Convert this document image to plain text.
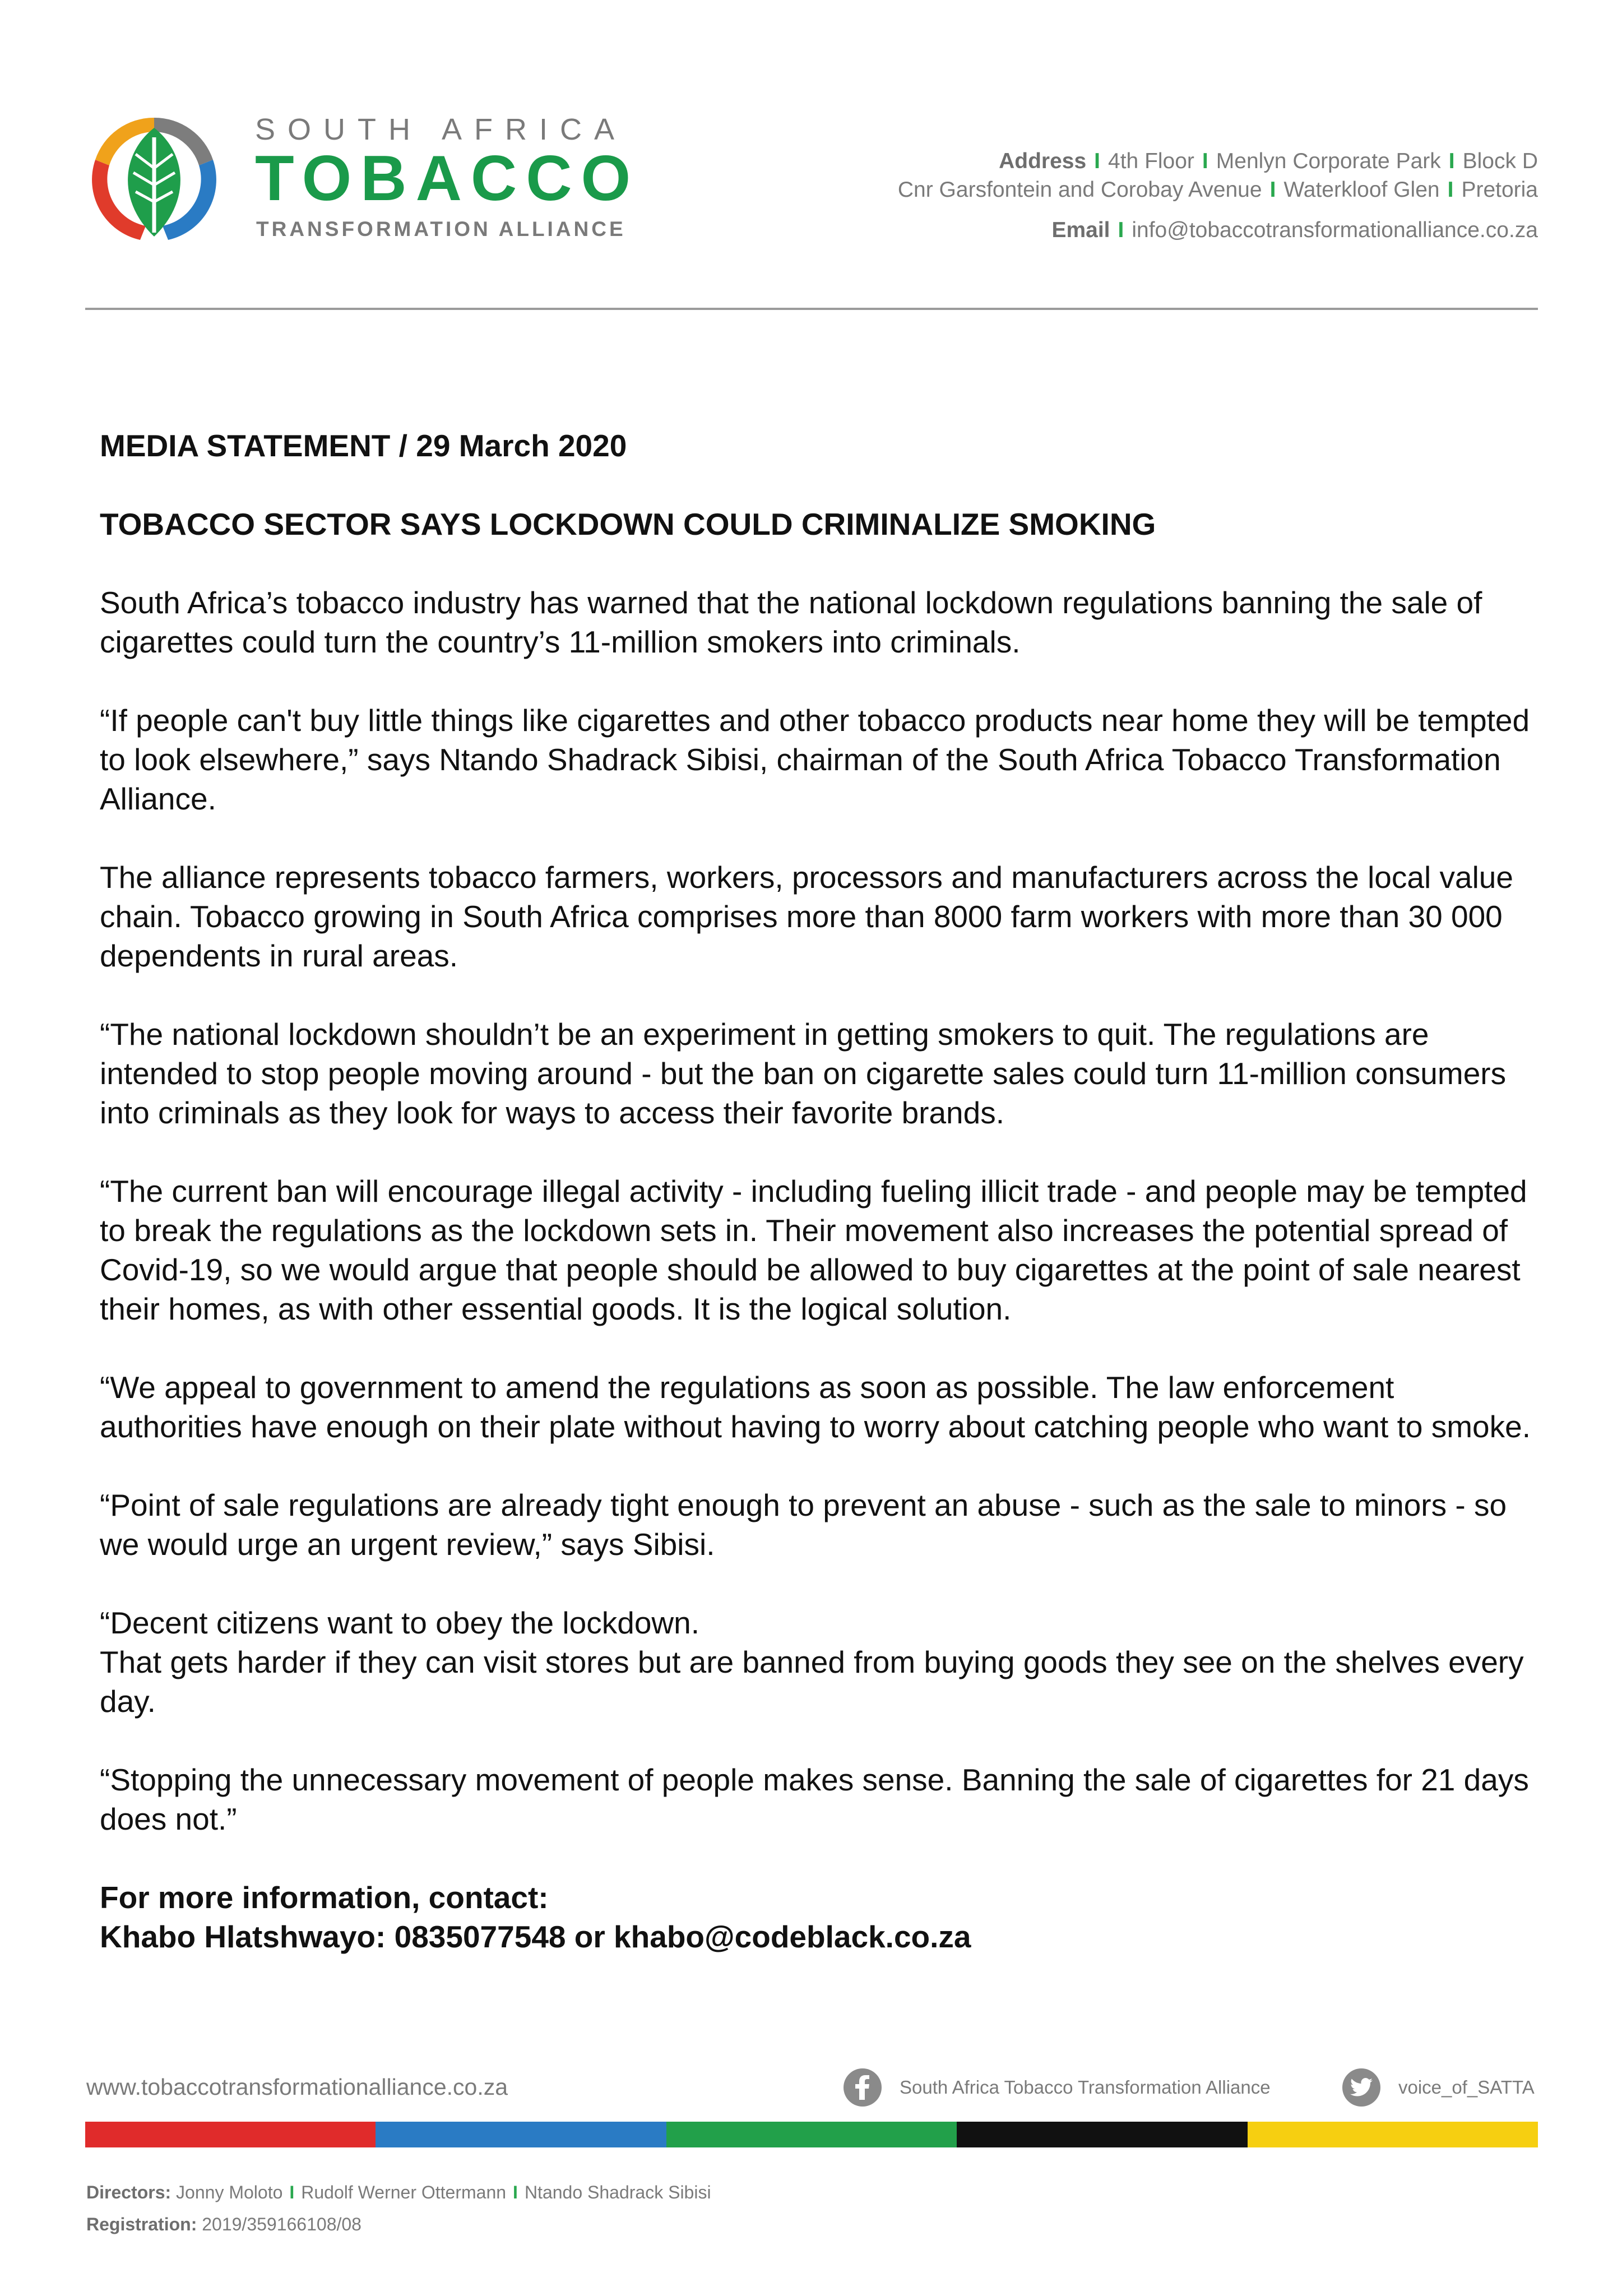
SOUTH AFRICA
TOBACCO
TRANSFORMATION ALLIANCE
Address I 4th Floor I Menlyn Corporate Park I Block D
Cnr Garsfontein and Corobay Avenue I Waterkloof Glen I Pretoria
Email I info@tobaccotransformationalliance.co.za

MEDIA STATEMENT / 29 March 2020

TOBACCO SECTOR SAYS LOCKDOWN COULD CRIMINALIZE SMOKING

South Africa’s tobacco industry has warned that the national lockdown regulations banning the sale of cigarettes could turn the country’s 11-million smokers into criminals.

“If people can't buy little things like cigarettes and other tobacco products near home they will be tempted to look elsewhere,” says Ntando Shadrack Sibisi, chairman of the South Africa Tobacco Transformation Alliance.

The alliance represents tobacco farmers, workers, processors and manufacturers across the local value chain. Tobacco growing in South Africa comprises more than 8000 farm workers with more than 30 000 dependents in rural areas.

“The national lockdown shouldn’t be an experiment in getting smokers to quit. The regulations are intended to stop people moving around - but the ban on cigarette sales could turn 11-million consumers into criminals as they look for ways to access their favorite brands.

“The current ban will encourage illegal activity - including fueling illicit trade - and people may be tempted to break the regulations as the lockdown sets in. Their movement also increases the potential spread of Covid-19, so we would argue that people should be allowed to buy cigarettes at the point of sale nearest their homes, as with other essential goods. It is the logical solution.

“We appeal to government to amend the regulations as soon as possible. The law enforcement authorities have enough on their plate without having to worry about catching people who want to smoke.

“Point of sale regulations are already tight enough to prevent an abuse - such as the sale to minors - so we would urge an urgent review,” says Sibisi.

“Decent citizens want to obey the lockdown.

That gets harder if they can visit stores but are banned from buying goods they see on the shelves every day.

“Stopping the unnecessary movement of people makes sense. Banning the sale of cigarettes for 21 days does not.”

For more information, contact:

Khabo Hlatshwayo: 0835077548 or khabo@codeblack.co.za

www.tobaccotransformationalliance.co.za	South Africa Tobacco Transformation Alliance	voice_of_SATTA
Directors: Jonny Moloto I Rudolf Werner Ottermann I Ntando Shadrack Sibisi
Registration: 2019/359166108/08
